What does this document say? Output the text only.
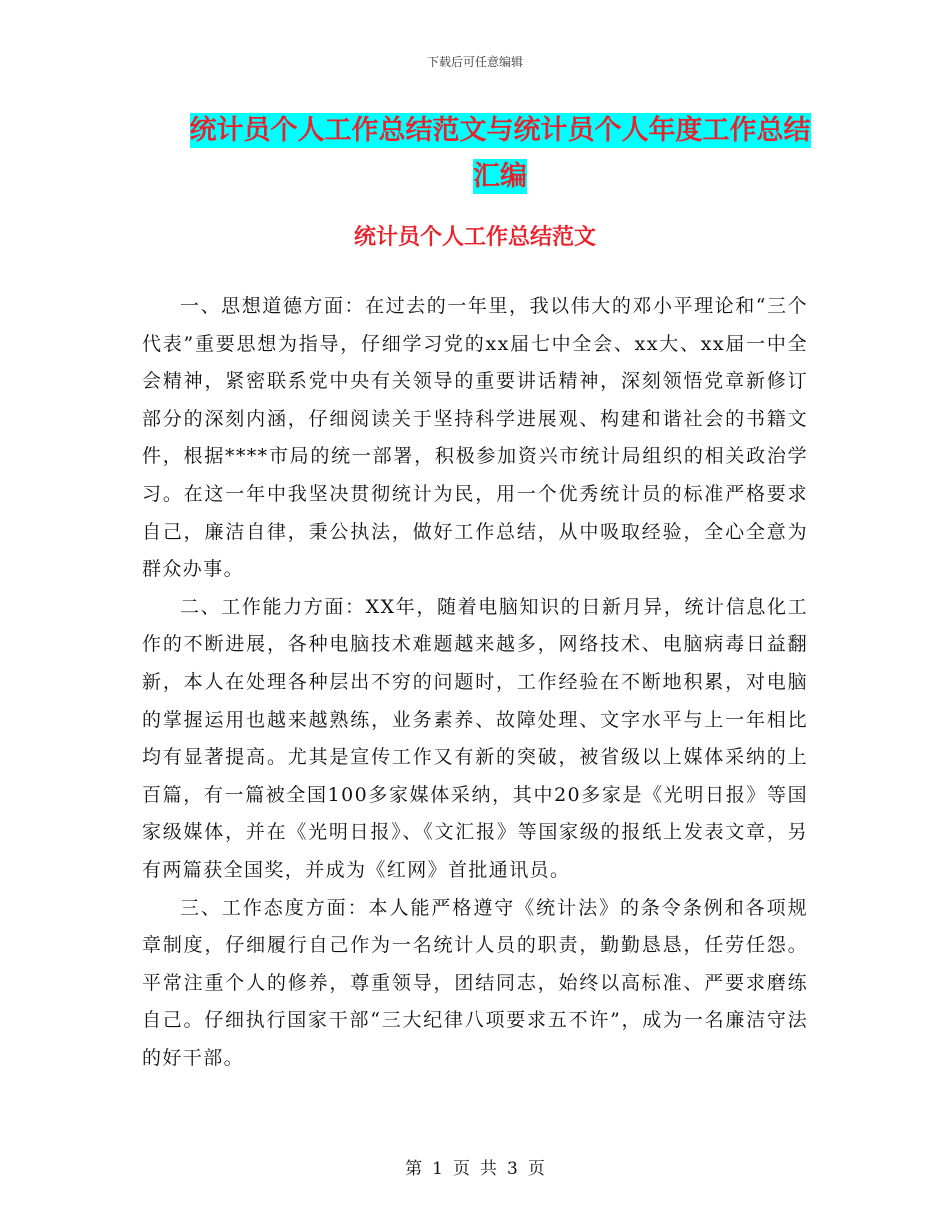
下载后可任意编辑
统计员个人工作总结范文与统计员个人年度工作总结
汇编
统计员个人工作总结范文

一、思想道德方面：在过去的一年里，我以伟大的邓小平理论和“三个代表”重要思想为指导，仔细学习党的xx届七中全会、xx大、xx届一中全会精神，紧密联系党中央有关领导的重要讲话精神，深刻领悟党章新修订部分的深刻内涵，仔细阅读关于坚持科学进展观、构建和谐社会的书籍文件，根据****市局的统一部署，积极参加资兴市统计局组织的相关政治学习。在这一年中我坚决贯彻统计为民，用一个优秀统计员的标准严格要求自己，廉洁自律，秉公执法，做好工作总结，从中吸取经验，全心全意为群众办事。

二、工作能力方面：XX年，随着电脑知识的日新月异，统计信息化工作的不断进展，各种电脑技术难题越来越多，网络技术、电脑病毒日益翻新，本人在处理各种层出不穷的问题时，工作经验在不断地积累，对电脑的掌握运用也越来越熟练，业务素养、故障处理、文字水平与上一年相比均有显著提高。尤其是宣传工作又有新的突破，被省级以上媒体采纳的上百篇，有一篇被全国100多家媒体采纳，其中20多家是《光明日报》等国家级媒体，并在《光明日报》、《文汇报》等国家级的报纸上发表文章，另有两篇获全国奖，并成为《红网》首批通讯员。

三、工作态度方面：本人能严格遵守《统计法》的条令条例和各项规章制度，仔细履行自己作为一名统计人员的职责，勤勤恳恳，任劳任怨。平常注重个人的修养，尊重领导，团结同志，始终以高标准、严要求磨练自己。仔细执行国家干部“三大纪律八项要求五不许”，成为一名廉洁守法的好干部。

第 1 页 共 3 页
